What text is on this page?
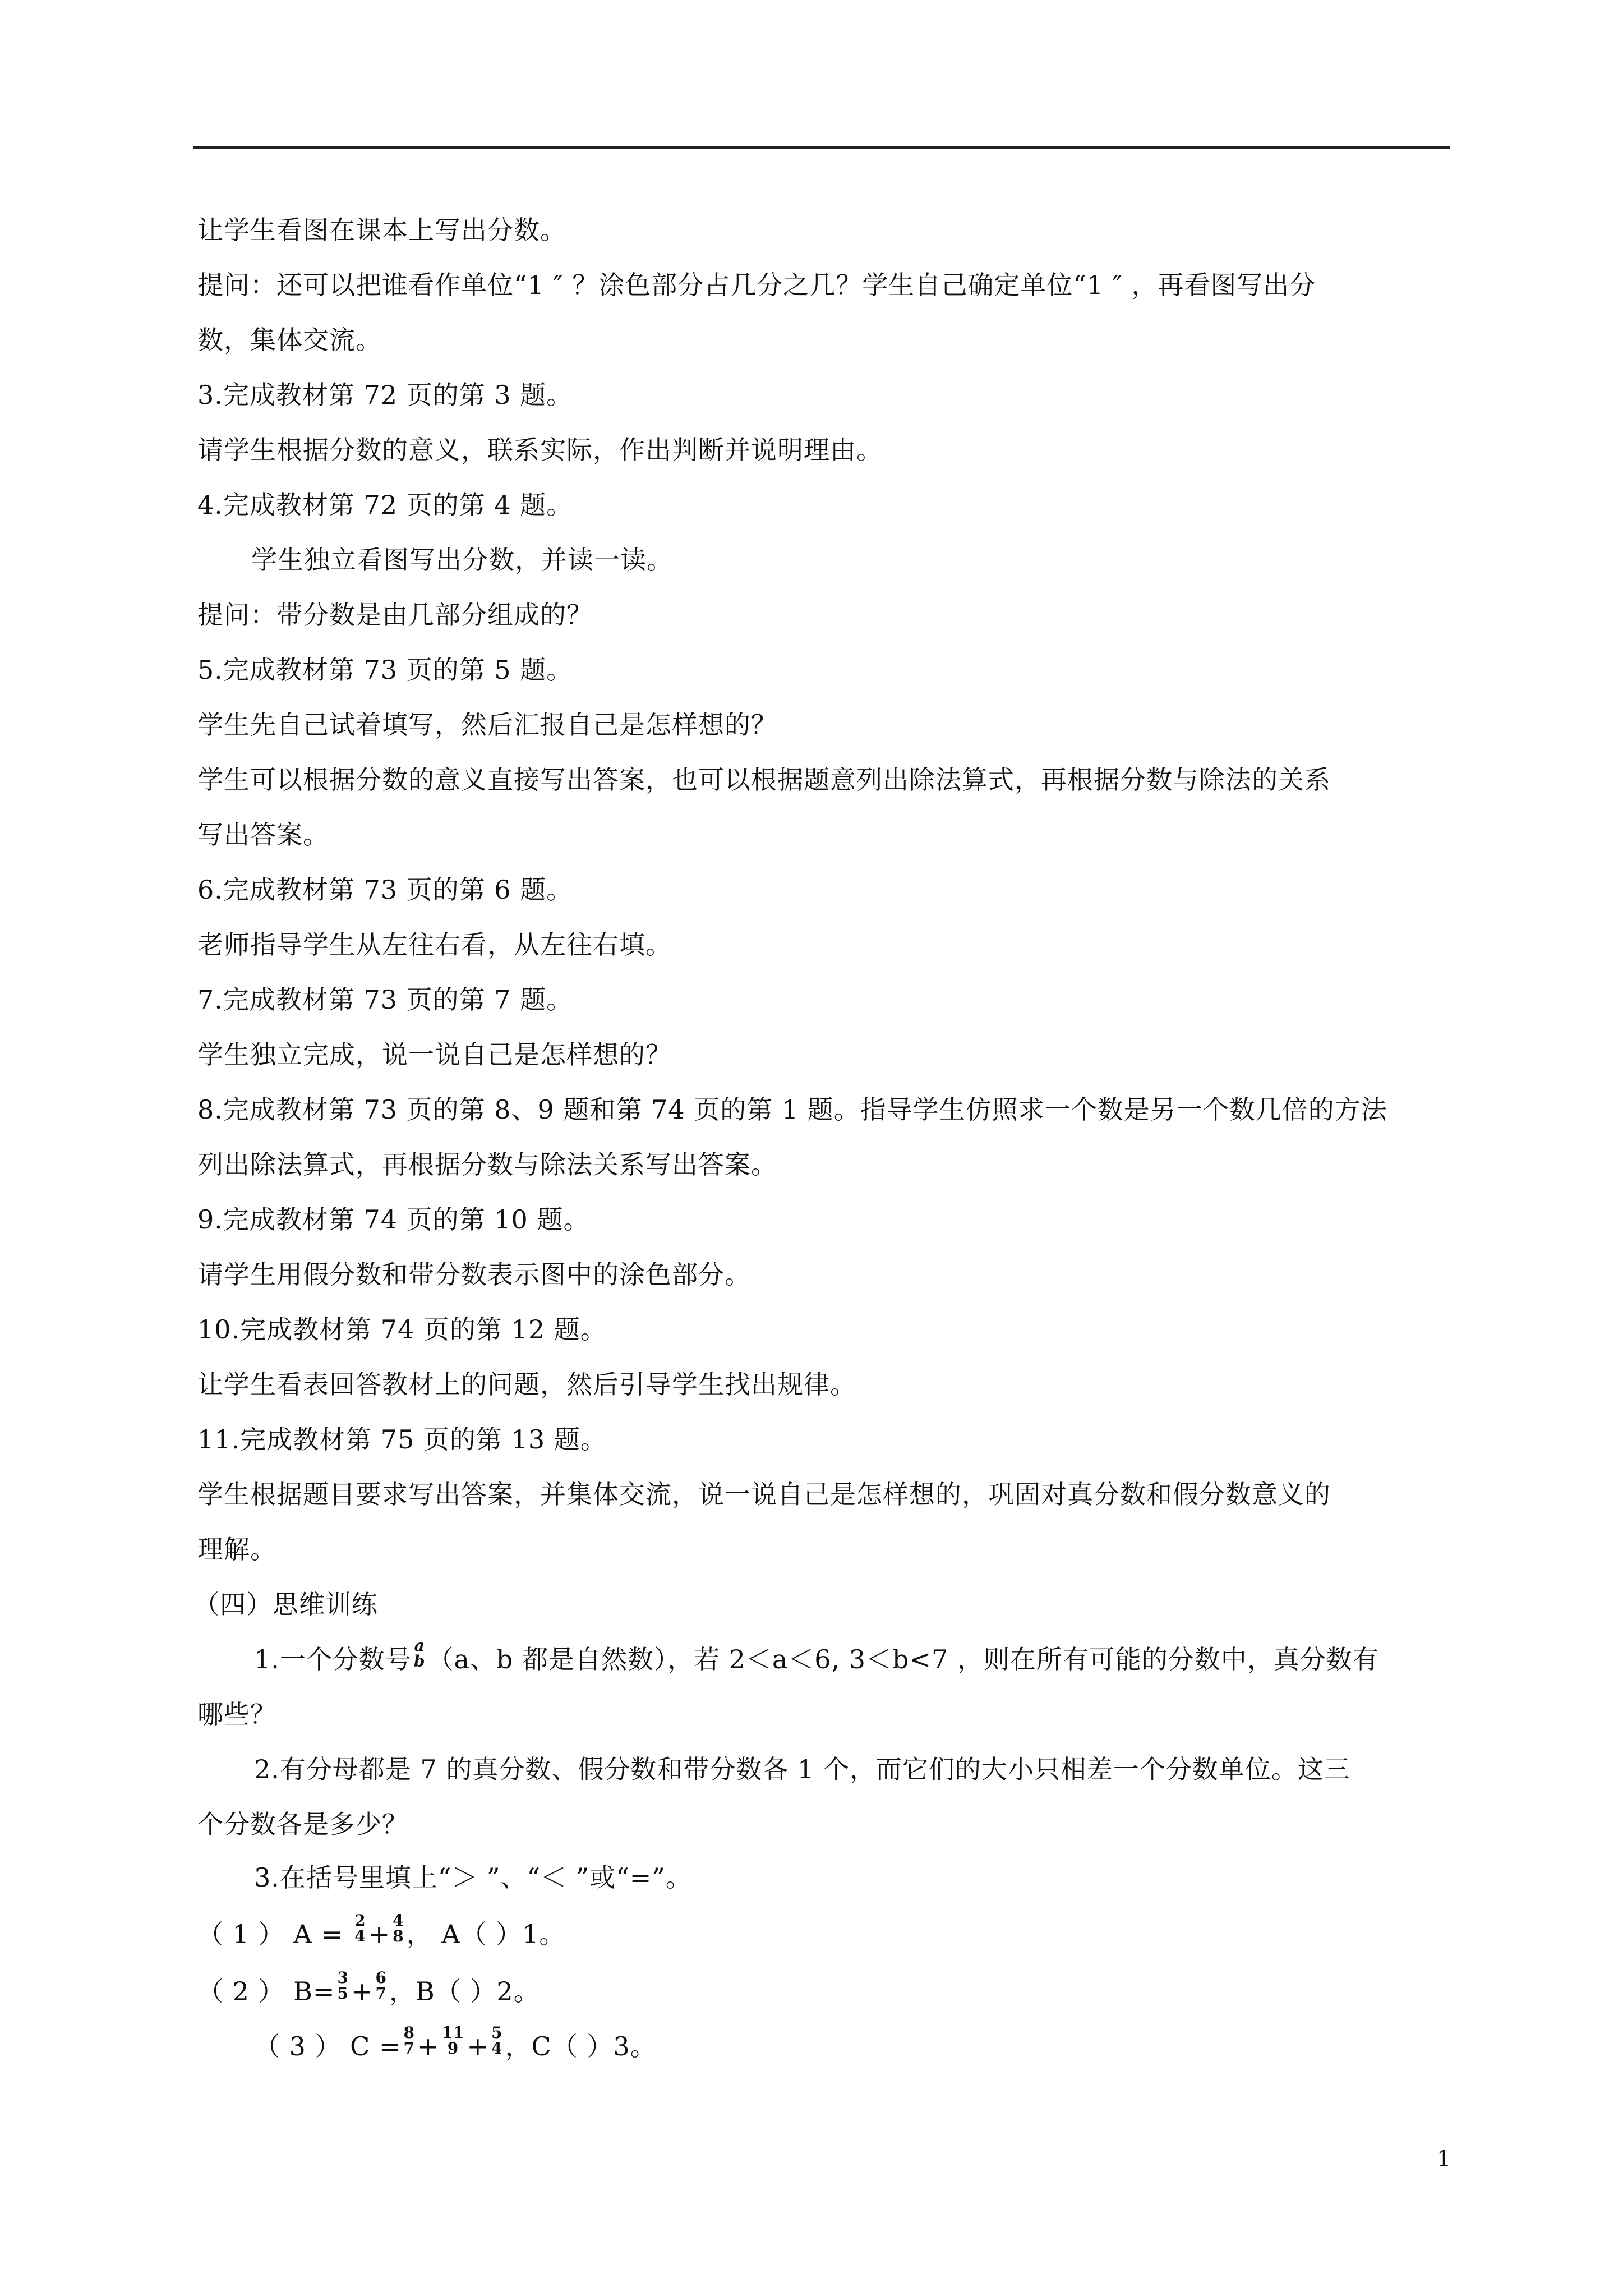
让学生看图在课本上写出分数。
提问：还可以把谁看作单位“1 ″ ？涂色部分占几分之几？学生自己确定单位“1 ″ ，再看图写出分
数，集体交流。
3.完成教材第 72 页的第 3 题。
请学生根据分数的意义，联系实际，作出判断并说明理由。
4.完成教材第 72 页的第 4 题。
学生独立看图写出分数，并读一读。
提问：带分数是由几部分组成的？
5.完成教材第 73 页的第 5 题。
学生先自己试着填写，然后汇报自己是怎样想的？
学生可以根据分数的意义直接写出答案，也可以根据题意列出除法算式，再根据分数与除法的关系
写出答案。
6.完成教材第 73 页的第 6 题。
老师指导学生从左往右看，从左往右填。
7.完成教材第 73 页的第 7 题。
学生独立完成，说一说自己是怎样想的？
8.完成教材第 73 页的第 8、9 题和第 74 页的第 1 题。指导学生仿照求一个数是另一个数几倍的方法
列出除法算式，再根据分数与除法关系写出答案。
9.完成教材第 74 页的第 10 题。
请学生用假分数和带分数表示图中的涂色部分。
10.完成教材第 74 页的第 12 题。
让学生看表回答教材上的问题，然后引导学生找出规律。
11.完成教材第 75 页的第 13 题。
学生根据题目要求写出答案，并集体交流，说一说自己是怎样想的，巩固对真分数和假分数意义的
理解。
（四）思维训练
1.一个分数号 a
b （a、b 都是自然数），若 2＜a＜6, 3＜b<7 ，则在所有可能的分数中，真分数有
哪些？
2.有分母都是 7 的真分数、假分数和带分数各 1 个，而它们的大小只相差一个分数单位。这三
个分数各是多少？
3.在括号里填上“＞ ”、“＜ ”或“=”。
（ 1 ） A = 2
4 + 4
8 ， A（ ）1。
（ 2 ） B= 3
5 + 6
7 ，B（ ）2。
（ 3 ） C = 8
7 + 11
9 + 5
4 ，C（ ）3。
1
